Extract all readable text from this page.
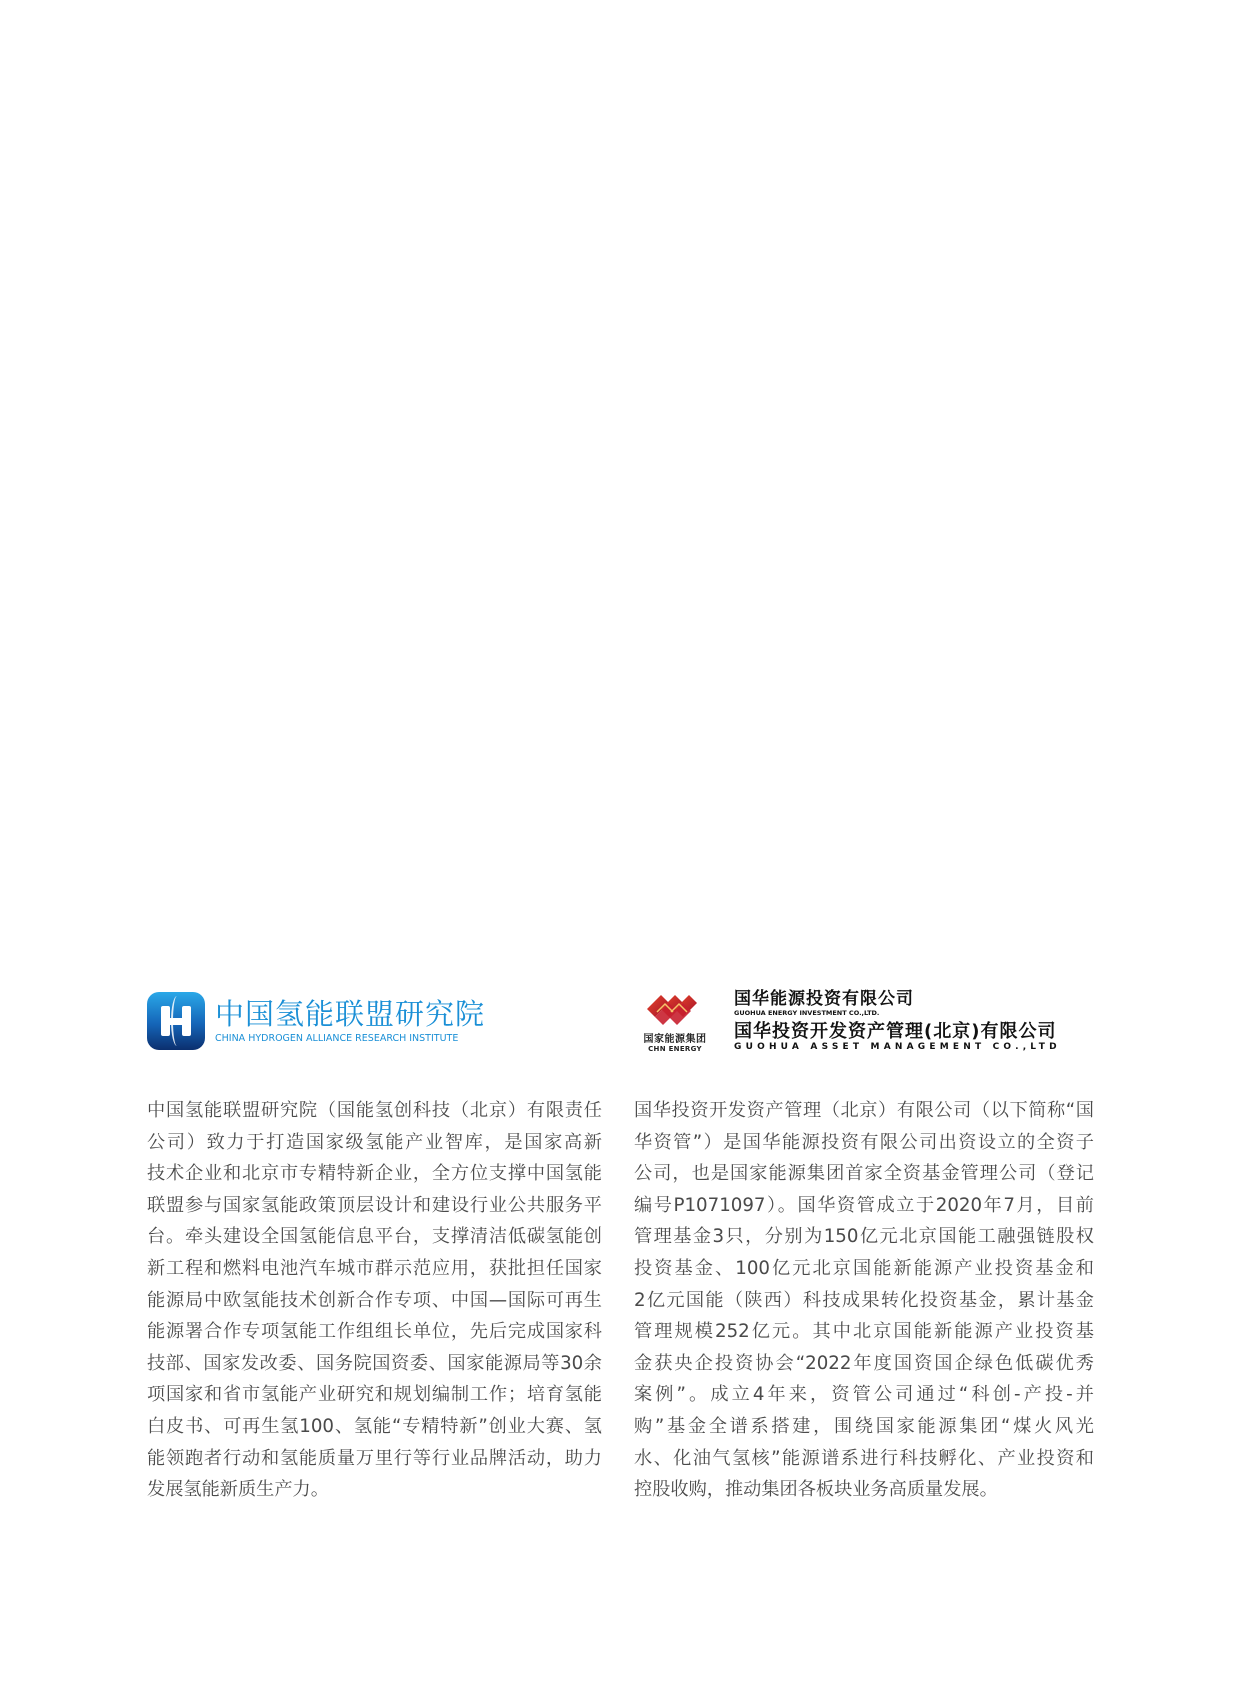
中国氢能联盟研究院
CHINA HYDROGEN ALLIANCE RESEARCH INSTITUTE
中国氢能联盟研究院（国能氢创科技（北京）有限责任
公司）致力于打造国家级氢能产业智库，是国家高新
技术企业和北京市专精特新企业，全方位支撑中国氢能
联盟参与国家氢能政策顶层设计和建设行业公共服务平
台。牵头建设全国氢能信息平台，支撑清洁低碳氢能创
新工程和燃料电池汽车城市群示范应用，获批担任国家
能源局中欧氢能技术创新合作专项、中国—国际可再生
能源署合作专项氢能工作组组长单位，先后完成国家科
技部、国家发改委、国务院国资委、国家能源局等30余
项国家和省市氢能产业研究和规划编制工作；培育氢能
白皮书、可再生氢100、氢能“专精特新”创业大赛、氢
能领跑者行动和氢能质量万里行等行业品牌活动，助力
发展氢能新质生产力。
国家能源集团
CHN ENERGY
国华能源投资有限公司
GUOHUA ENERGY INVESTMENT CO.,LTD.
国华投资开发资产管理(北京)有限公司
GUOHUA ASSET MANAGEMENT CO.,LTD
国华投资开发资产管理（北京）有限公司（以下简称“国
华资管”）是国华能源投资有限公司出资设立的全资子
公司，也是国家能源集团首家全资基金管理公司（登记
编号P1071097）。国华资管成立于2020年7月，目前
管理基金3只，分别为150亿元北京国能工融强链股权
投资基金、100亿元北京国能新能源产业投资基金和
2亿元国能（陕西）科技成果转化投资基金，累计基金
管理规模252亿元。其中北京国能新能源产业投资基
金获央企投资协会“2022年度国资国企绿色低碳优秀
案例”。成立4年来，资管公司通过“科创-产投-并
购”基金全谱系搭建，围绕国家能源集团“煤火风光
水、化油气氢核”能源谱系进行科技孵化、产业投资和
控股收购，推动集团各板块业务高质量发展。
